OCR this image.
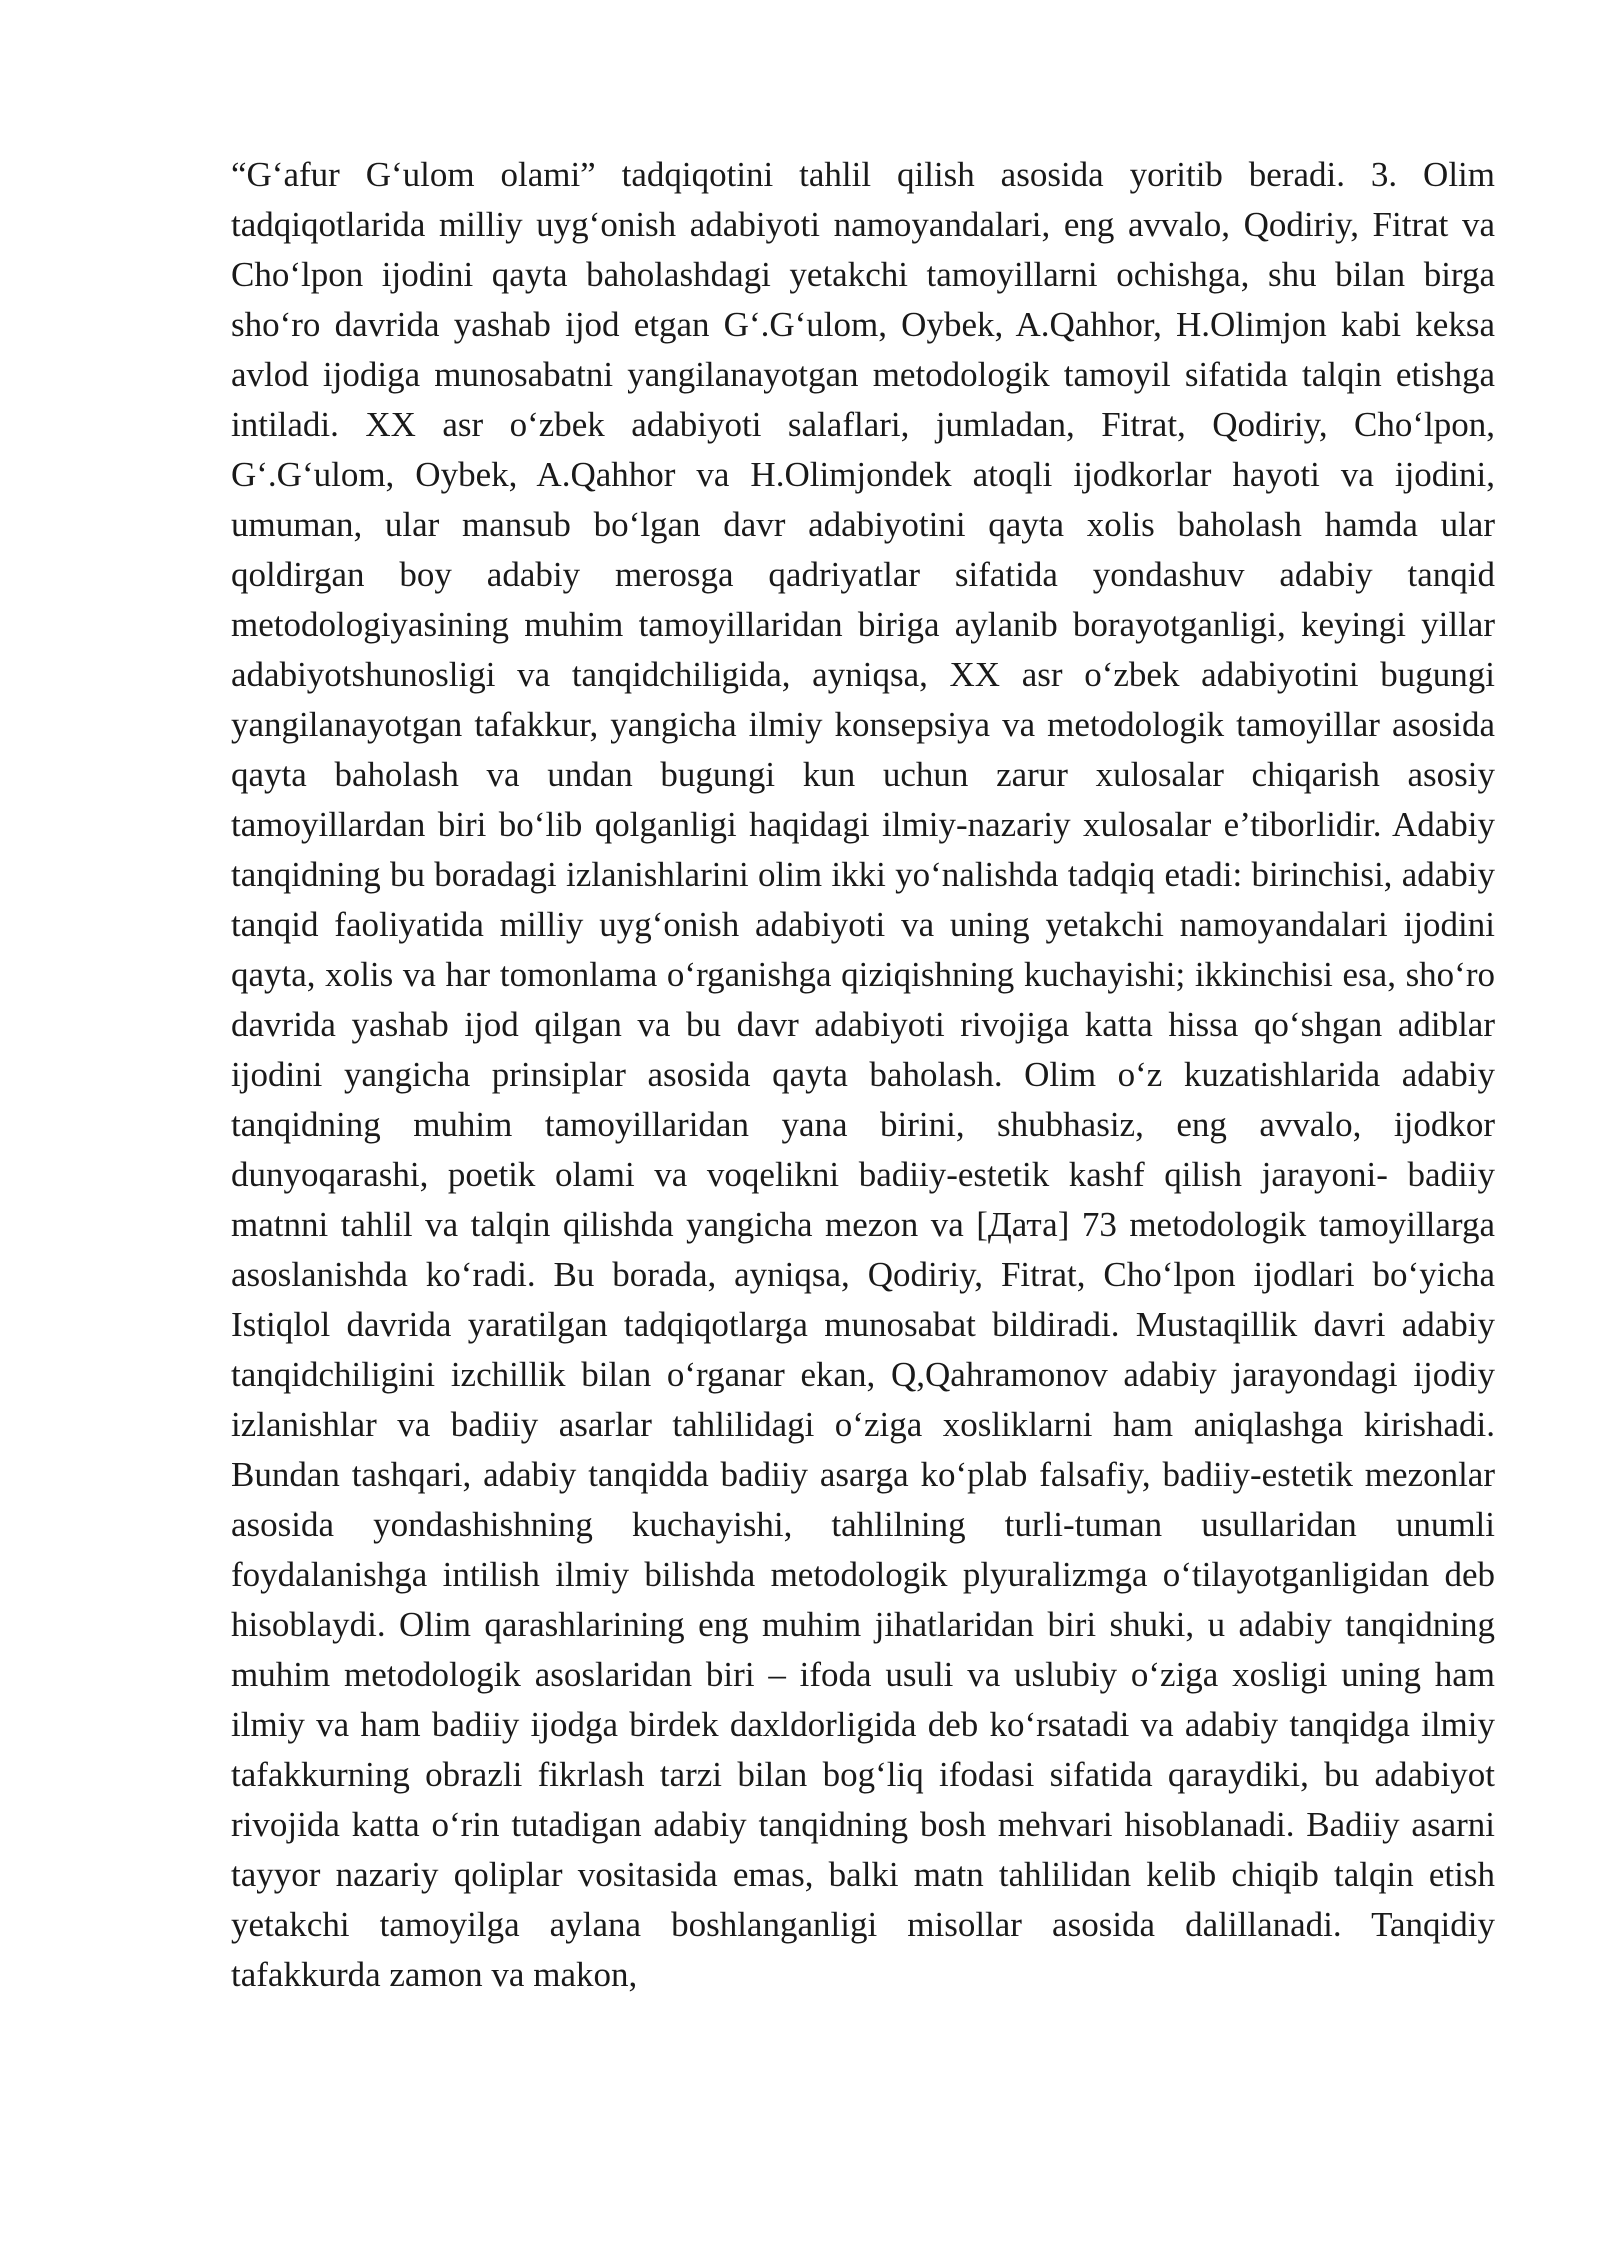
“G‘afur G‘ulom olami” tadqiqotini tahlil qilish asosida yoritib beradi. 3. Olim tadqiqotlarida milliy uyg‘onish adabiyoti namoyandalari, eng avvalo, Qodiriy, Fitrat va Cho‘lpon ijodini qayta baholashdagi yetakchi tamoyillarni ochishga, shu bilan birga sho‘ro davrida yashab ijod etgan G‘.G‘ulom, Oybek, A.Qahhor, H.Olimjon kabi keksa avlod ijodiga munosabatni yangilanayotgan metodologik tamoyil sifatida talqin etishga intiladi. XX asr o‘zbek adabiyoti salaflari, jumladan, Fitrat, Qodiriy, Cho‘lpon, G‘.G‘ulom, Oybek, A.Qahhor va H.Olimjondek atoqli ijodkorlar hayoti va ijodini, umuman, ular mansub bo‘lgan davr adabiyotini qayta xolis baholash hamda ular qoldirgan boy adabiy merosga qadriyatlar sifatida yondashuv adabiy tanqid metodologiyasining muhim tamoyillaridan biriga aylanib borayotganligi, keyingi yillar adabiyotshunosligi va tanqidchiligida, ayniqsa, XX asr o‘zbek adabiyotini bugungi yangilanayotgan tafakkur, yangicha ilmiy konsepsiya va metodologik tamoyillar asosida qayta baholash va undan bugungi kun uchun zarur xulosalar chiqarish asosiy tamoyillardan biri bo‘lib qolganligi haqidagi ilmiy-nazariy xulosalar e’tiborlidir. Adabiy tanqidning bu boradagi izlanishlarini olim ikki yo‘nalishda tadqiq etadi: birinchisi, adabiy tanqid faoliyatida milliy uyg‘onish adabiyoti va uning yetakchi namoyandalari ijodini qayta, xolis va har tomonlama o‘rganishga qiziqishning kuchayishi; ikkinchisi esa, sho‘ro davrida yashab ijod qilgan va bu davr adabiyoti rivojiga katta hissa qo‘shgan adiblar ijodini yangicha prinsiplar asosida qayta baholash. Olim o‘z kuzatishlarida adabiy tanqidning muhim tamoyillaridan yana birini, shubhasiz, eng avvalo, ijodkor dunyoqarashi, poetik olami va voqelikni badiiy-estetik kashf qilish jarayoni- badiiy matnni tahlil va talqin qilishda yangicha mezon va [Дата] 73 metodologik tamoyillarga asoslanishda ko‘radi. Bu borada, ayniqsa, Qodiriy, Fitrat, Cho‘lpon ijodlari bo‘yicha Istiqlol davrida yaratilgan tadqiqotlarga munosabat bildiradi. Mustaqillik davri adabiy tanqidchiligini izchillik bilan o‘rganar ekan, Q,Qahramonov adabiy jarayondagi ijodiy izlanishlar va badiiy asarlar tahlilidagi o‘ziga xosliklarni ham aniqlashga kirishadi. Bundan tashqari, adabiy tanqidda badiiy asarga ko‘plab falsafiy, badiiy-estetik mezonlar asosida yondashishning kuchayishi, tahlilning turli-tuman usullaridan unumli foydalanishga intilish ilmiy bilishda metodologik plyuralizmga o‘tilayotganligidan deb hisoblaydi. Olim qarashlarining eng muhim jihatlaridan biri shuki, u adabiy tanqidning muhim metodologik asoslaridan biri – ifoda usuli va uslubiy o‘ziga xosligi uning ham ilmiy va ham badiiy ijodga birdek daxldorligida deb ko‘rsatadi va adabiy tanqidga ilmiy tafakkurning obrazli fikrlash tarzi bilan bog‘liq ifodasi sifatida qaraydiki, bu adabiyot rivojida katta o‘rin tutadigan adabiy tanqidning bosh mehvari hisoblanadi. Badiiy asarni tayyor nazariy qoliplar vositasida emas, balki matn tahlilidan kelib chiqib talqin etish yetakchi tamoyilga aylana boshlanganligi misollar asosida dalillanadi. Tanqidiy tafakkurda zamon va makon,
